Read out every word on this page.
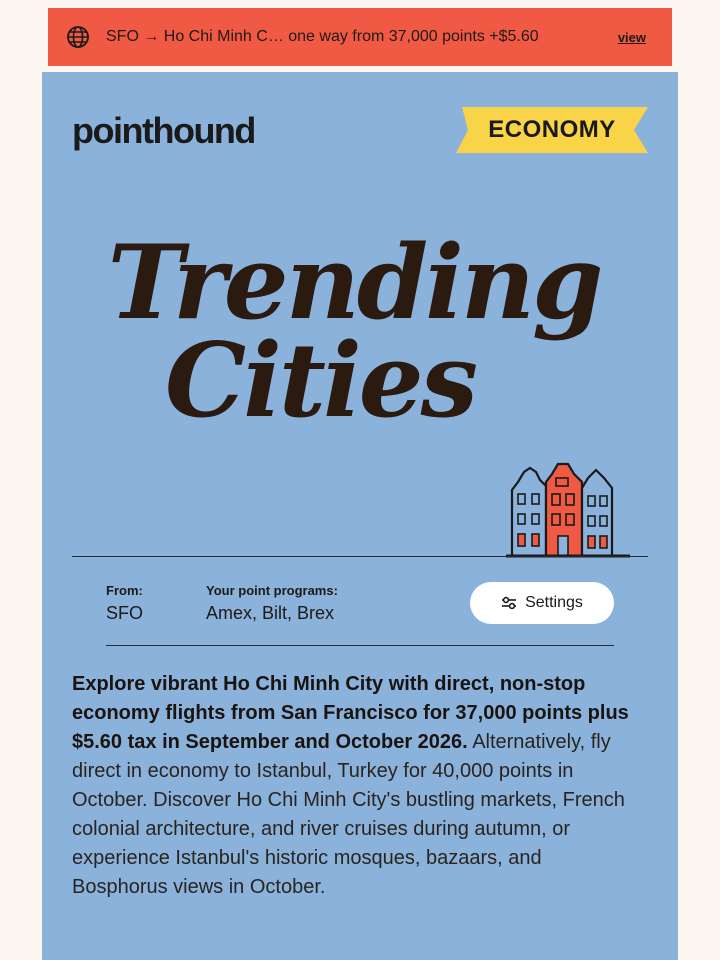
SFO → Ho Chi Minh C… one way from 37,000 points +$5.60	view
pointhound	ECONOMY
Trending
Cities
From:
SFO
Your point programs:
Amex, Bilt, Brex
Settings
Explore vibrant Ho Chi Minh City with direct, non-stop economy flights from San Francisco for 37,000 points plus $5.60 tax in September and October 2026. Alternatively, fly direct in economy to Istanbul, Turkey for 40,000 points in October. Discover Ho Chi Minh City's bustling markets, French colonial architecture, and river cruises during autumn, or experience Istanbul's historic mosques, bazaars, and Bosphorus views in October.
